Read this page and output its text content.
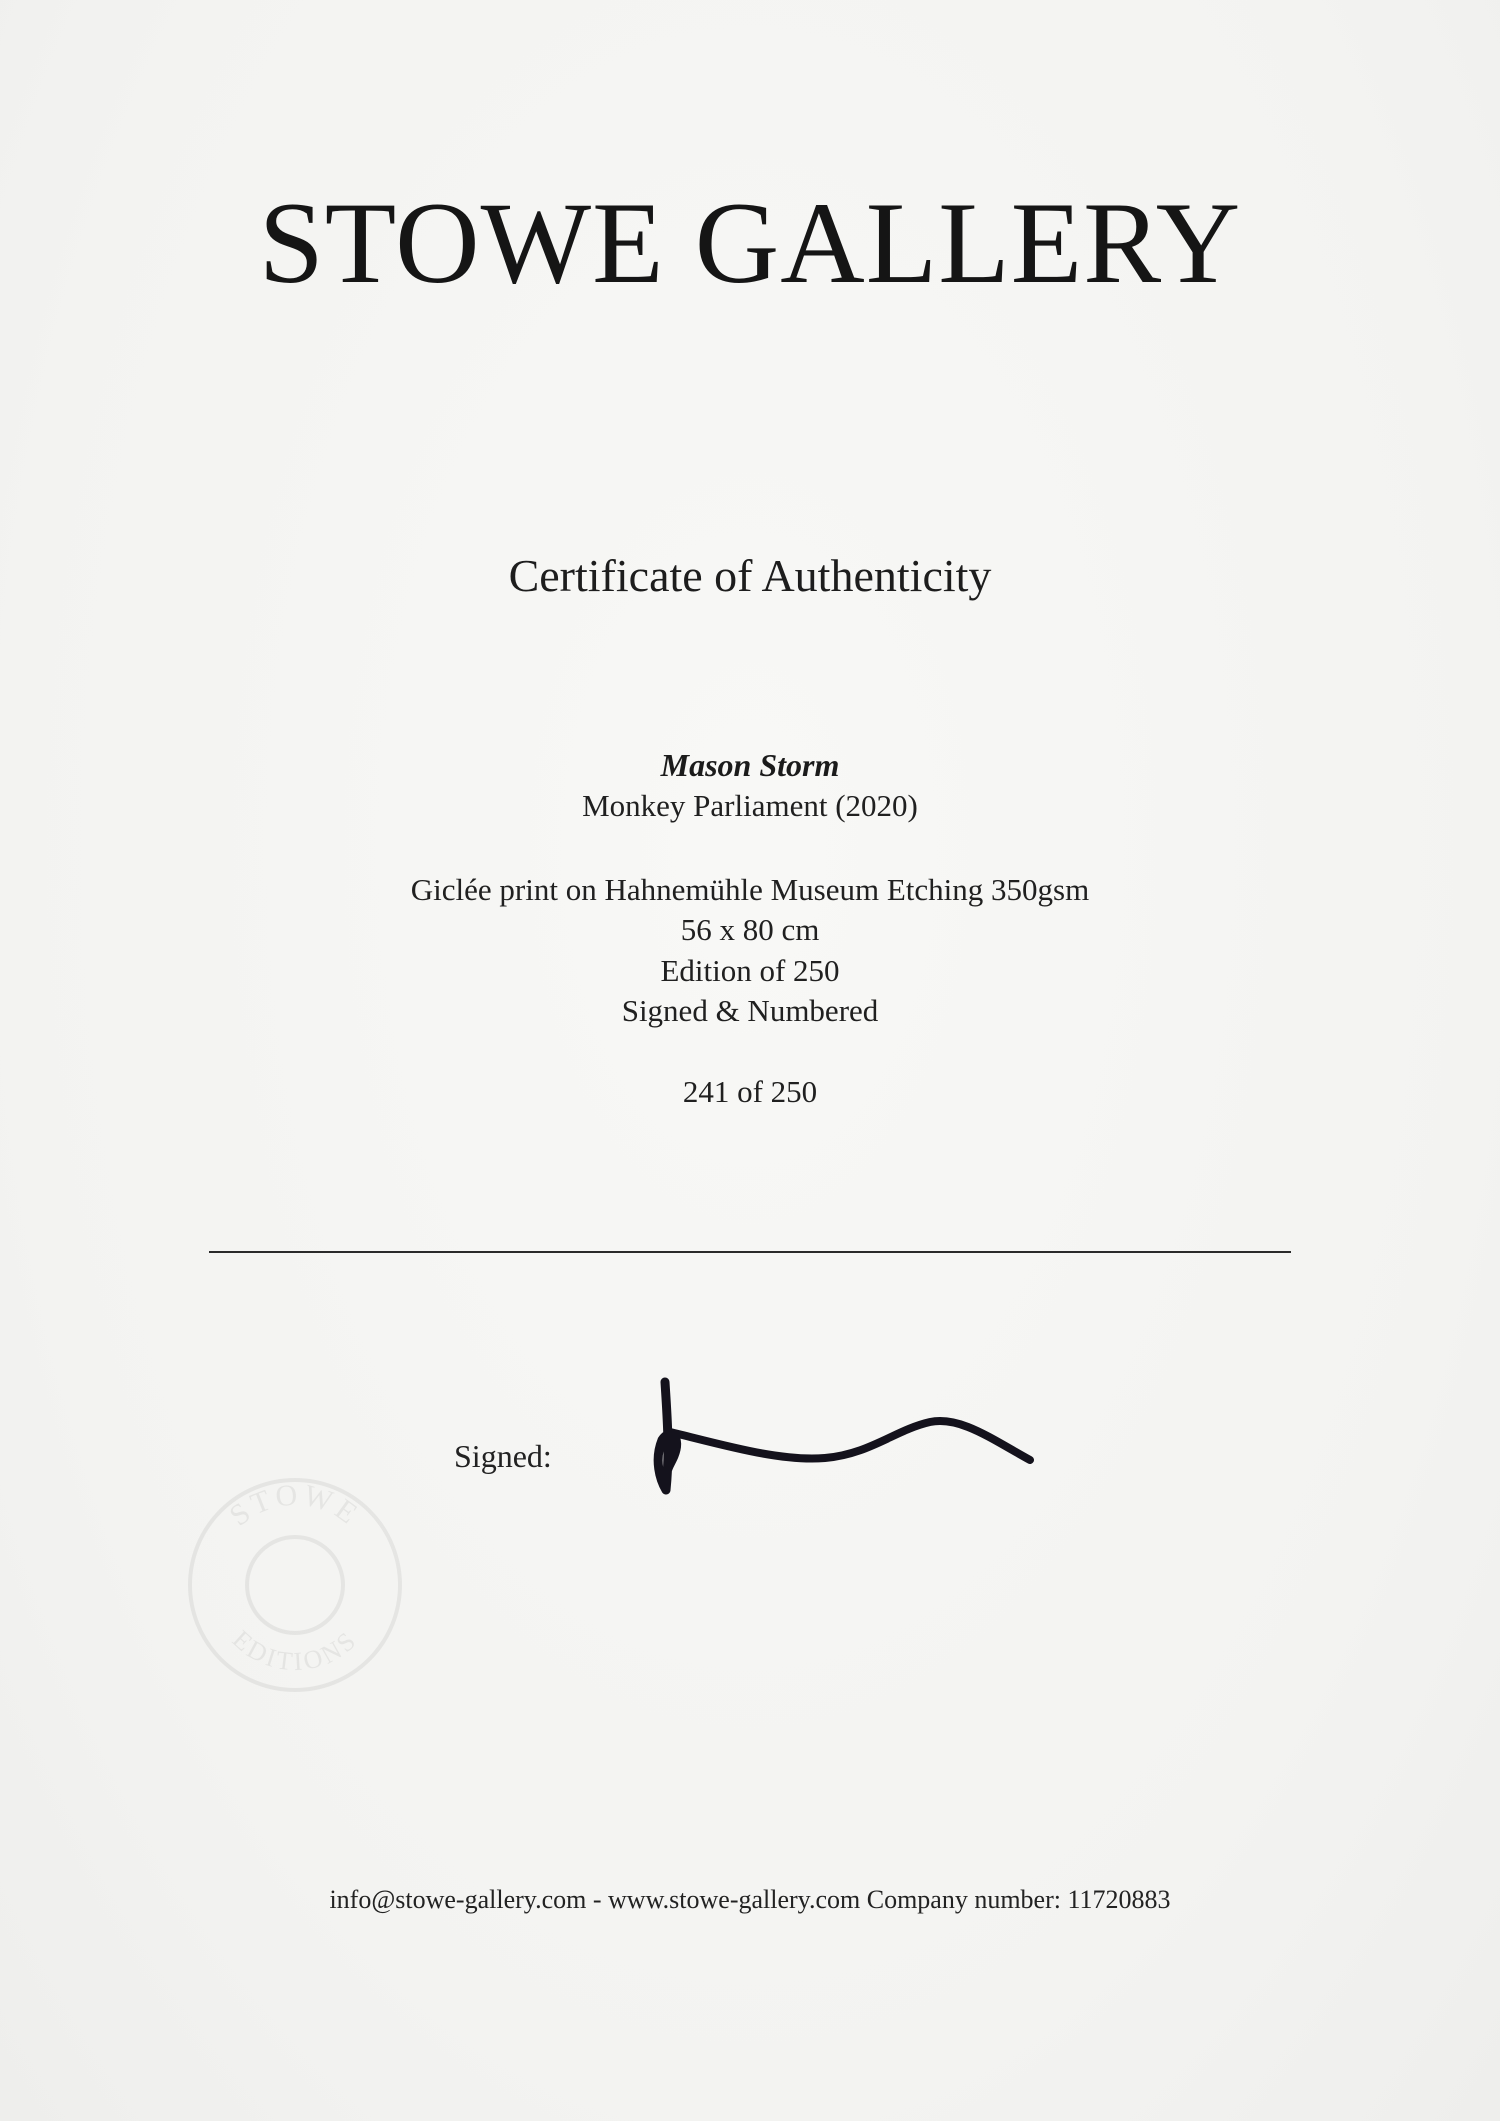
STOWE GALLERY
Certificate of Authenticity
Mason Storm
Monkey Parliament (2020)
Giclée print on Hahnemühle Museum Etching 350gsm
56 x 80 cm
Edition of 250
Signed & Numbered
241 of 250
Signed:
STOWE
EDITIONS
info@stowe-gallery.com - www.stowe-gallery.com Company number: 11720883
